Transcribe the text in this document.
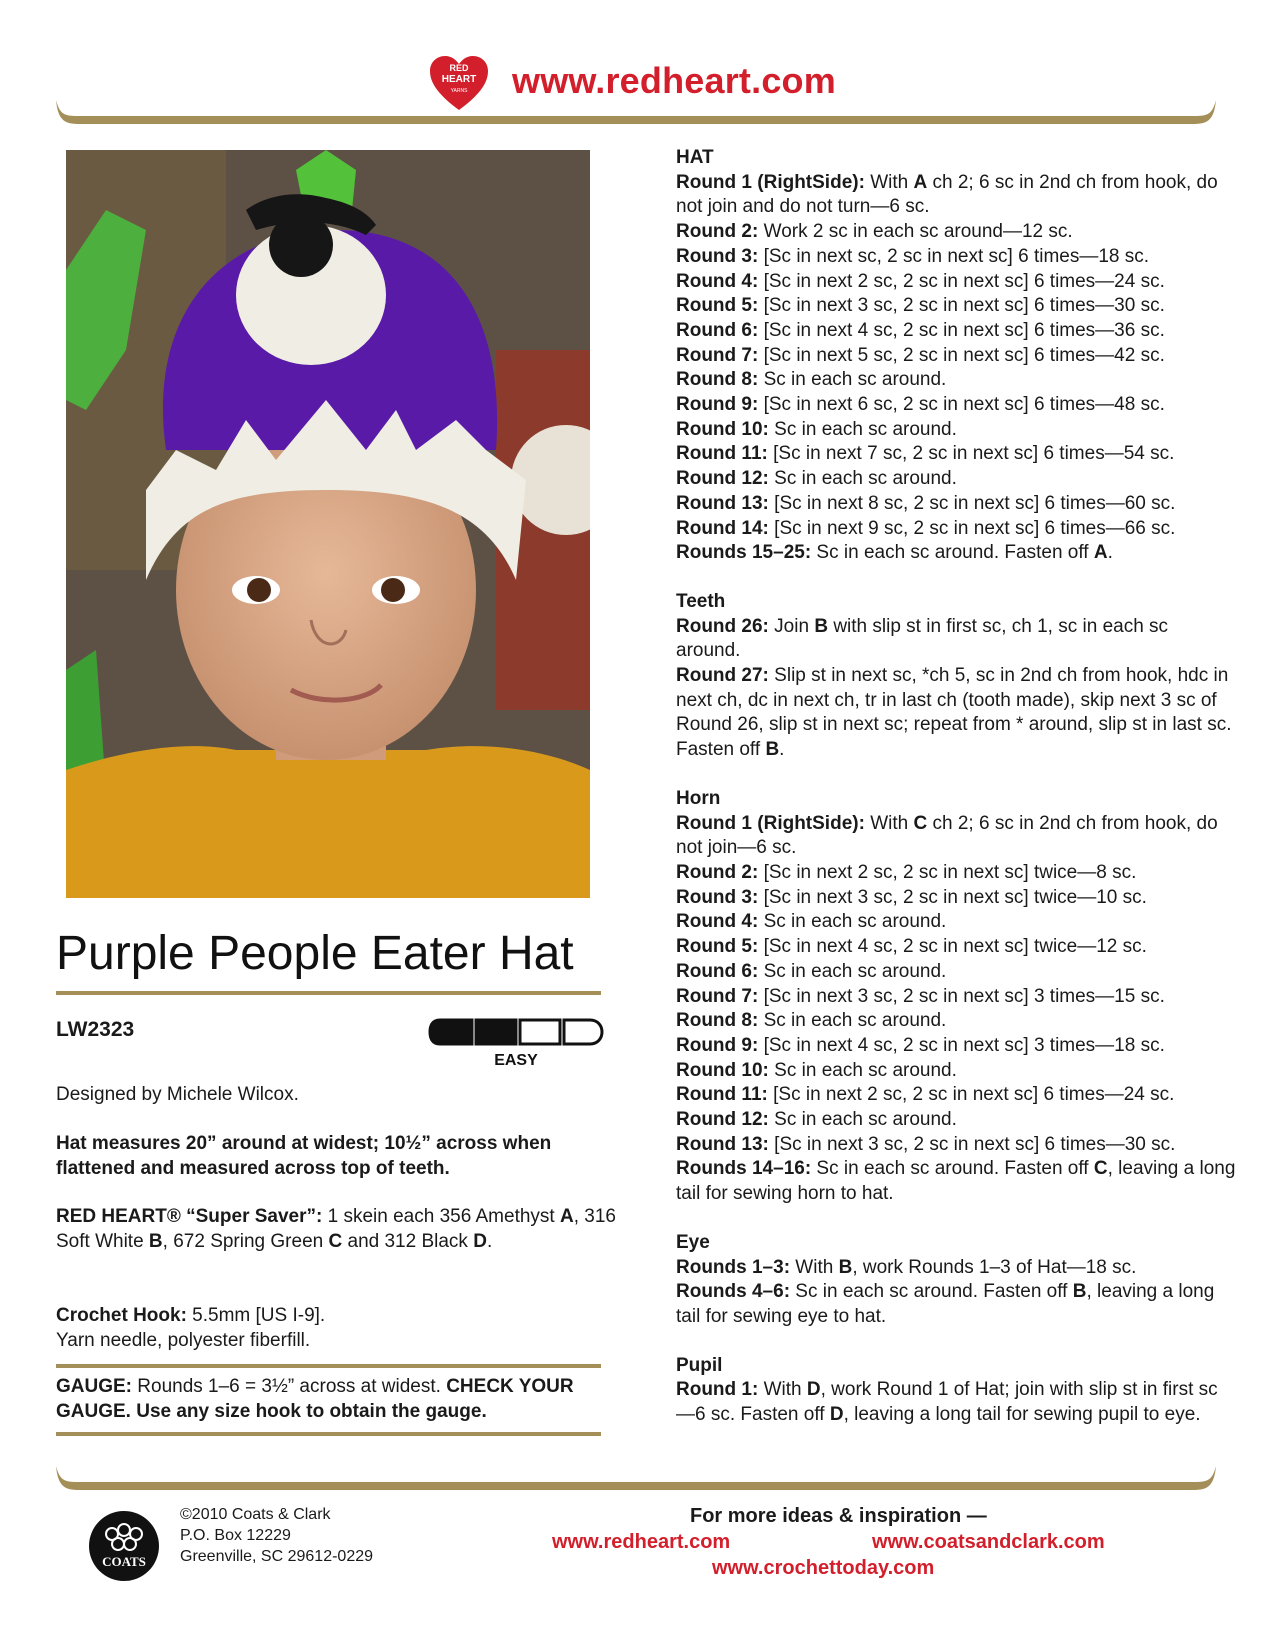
RED
HEART
YARNS www.redheart.com
Purple People Eater Hat
LW2323
EASY

Designed by Michele Wilcox.

Hat measures 20” around at widest; 10½” across when flattened and measured across top of teeth.

RED HEART® “Super Saver”: 1 skein each 356 Amethyst A, 316 Soft White B, 672 Spring Green C and 312 Black D.

Crochet Hook: 5.5mm [US I-9].
Yarn needle, polyester fiberfill.

GAUGE: Rounds 1–6 = 3½” across at widest. CHECK YOUR GAUGE. Use any size hook to obtain the gauge.

HAT

Round 1 (RightSide): With A ch 2; 6 sc in 2nd ch from hook, do not join and do not turn—6 sc.

Round 2: Work 2 sc in each sc around—12 sc.

Round 3: [Sc in next sc, 2 sc in next sc] 6 times—18 sc.

Round 4: [Sc in next 2 sc, 2 sc in next sc] 6 times—24 sc.

Round 5: [Sc in next 3 sc, 2 sc in next sc] 6 times—30 sc.

Round 6: [Sc in next 4 sc, 2 sc in next sc] 6 times—36 sc.

Round 7: [Sc in next 5 sc, 2 sc in next sc] 6 times—42 sc.

Round 8: Sc in each sc around.

Round 9: [Sc in next 6 sc, 2 sc in next sc] 6 times—48 sc.

Round 10: Sc in each sc around.

Round 11: [Sc in next 7 sc, 2 sc in next sc] 6 times—54 sc.

Round 12: Sc in each sc around.

Round 13: [Sc in next 8 sc, 2 sc in next sc] 6 times—60 sc.

Round 14: [Sc in next 9 sc, 2 sc in next sc] 6 times—66 sc.

Rounds 15–25: Sc in each sc around. Fasten off A.

Teeth

Round 26: Join B with slip st in first sc, ch 1, sc in each sc around.

Round 27: Slip st in next sc, *ch 5, sc in 2nd ch from hook, hdc in next ch, dc in next ch, tr in last ch (tooth made), skip next 3 sc of Round 26, slip st in next sc; repeat from * around, slip st in last sc. Fasten off B.

Horn

Round 1 (RightSide): With C ch 2; 6 sc in 2nd ch from hook, do not join—6 sc.

Round 2: [Sc in next 2 sc, 2 sc in next sc] twice—8 sc.

Round 3: [Sc in next 3 sc, 2 sc in next sc] twice—10 sc.

Round 4: Sc in each sc around.

Round 5: [Sc in next 4 sc, 2 sc in next sc] twice—12 sc.

Round 6: Sc in each sc around.

Round 7: [Sc in next 3 sc, 2 sc in next sc] 3 times—15 sc.

Round 8: Sc in each sc around.

Round 9: [Sc in next 4 sc, 2 sc in next sc] 3 times—18 sc.

Round 10: Sc in each sc around.

Round 11: [Sc in next 2 sc, 2 sc in next sc] 6 times—24 sc.

Round 12: Sc in each sc around.

Round 13: [Sc in next 3 sc, 2 sc in next sc] 6 times—30 sc.

Rounds 14–16: Sc in each sc around. Fasten off C, leaving a long tail for sewing horn to hat.

Eye

Rounds 1–3: With B, work Rounds 1–3 of Hat—18 sc.

Rounds 4–6: Sc in each sc around. Fasten off B, leaving a long tail for sewing eye to hat.

Pupil

Round 1: With D, work Round 1 of Hat; join with slip st in first sc—6 sc. Fasten off D, leaving a long tail for sewing pupil to eye.

COATS
©2010 Coats & Clark
P.O. Box 12229
Greenville, SC 29612-0229
For more ideas & inspiration —
www.redheart.com	www.coatsandclark.com
www.crochettoday.com
